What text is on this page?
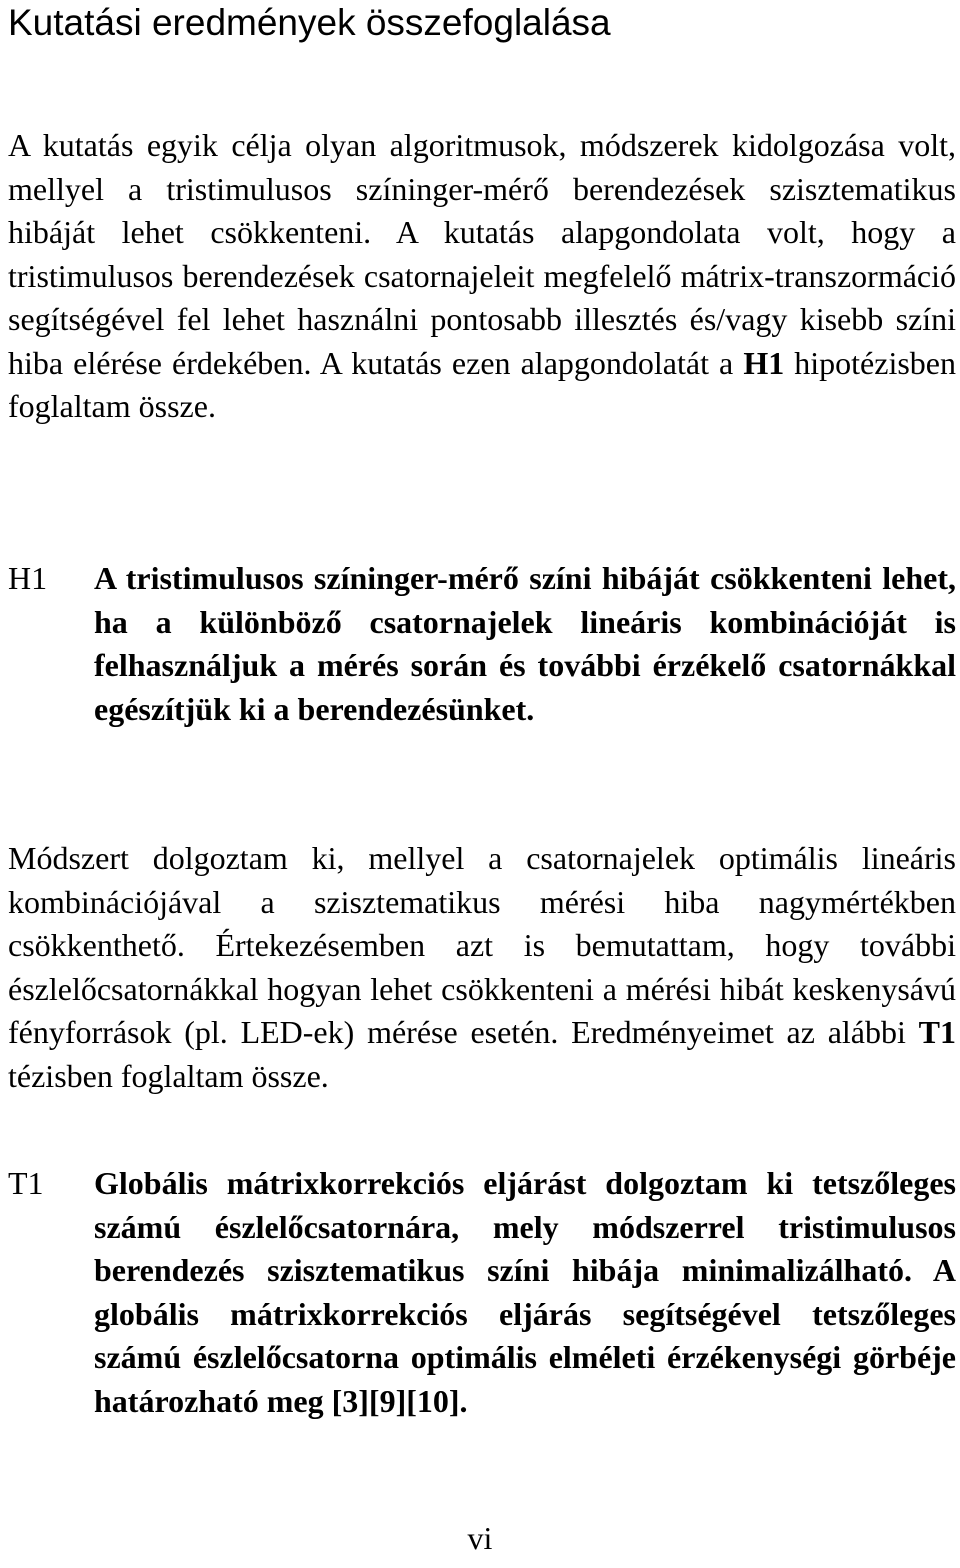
Kutatási eredmények összefoglalása

A kutatás egyik célja olyan algoritmusok, módszerek kidolgozása volt, mellyel a tristimulusos színinger-mérő berendezések szisztematikus hibáját lehet csökkenteni. A kutatás alapgondolata volt, hogy a tristimulusos berendezések csatornajeleit megfelelő mátrix-transzormáció segítségével fel lehet használni pontosabb illesztés és/vagy kisebb színi hiba elérése érdekében. A kutatás ezen alapgondolatát a H1 hipotézisben foglaltam össze.

H1 A tristimulusos színinger-mérő színi hibáját csökkenteni lehet, ha a különböző csatornajelek lineáris kombinációját is felhasználjuk a mérés során és további érzékelő csatornákkal egészítjük ki a berendezésünket.

Módszert dolgoztam ki, mellyel a csatornajelek optimális lineáris kombinációjával a szisztematikus mérési hiba nagymértékben csökkenthető. Értekezésemben azt is bemutattam, hogy további észlelőcsatornákkal hogyan lehet csökkenteni a mérési hibát keskenysávú fényforrások (pl. LED-ek) mérése esetén. Eredményeimet az alábbi T1 tézisben foglaltam össze.

T1 Globális mátrixkorrekciós eljárást dolgoztam ki tetszőleges számú észlelőcsatornára, mely módszerrel tristimulusos berendezés szisztematikus színi hibája minimalizálható. A globális mátrixkorrekciós eljárás segítségével tetszőleges számú észlelőcsatorna optimális elméleti érzékenységi görbéje határozható meg [3][9][10].
vi
